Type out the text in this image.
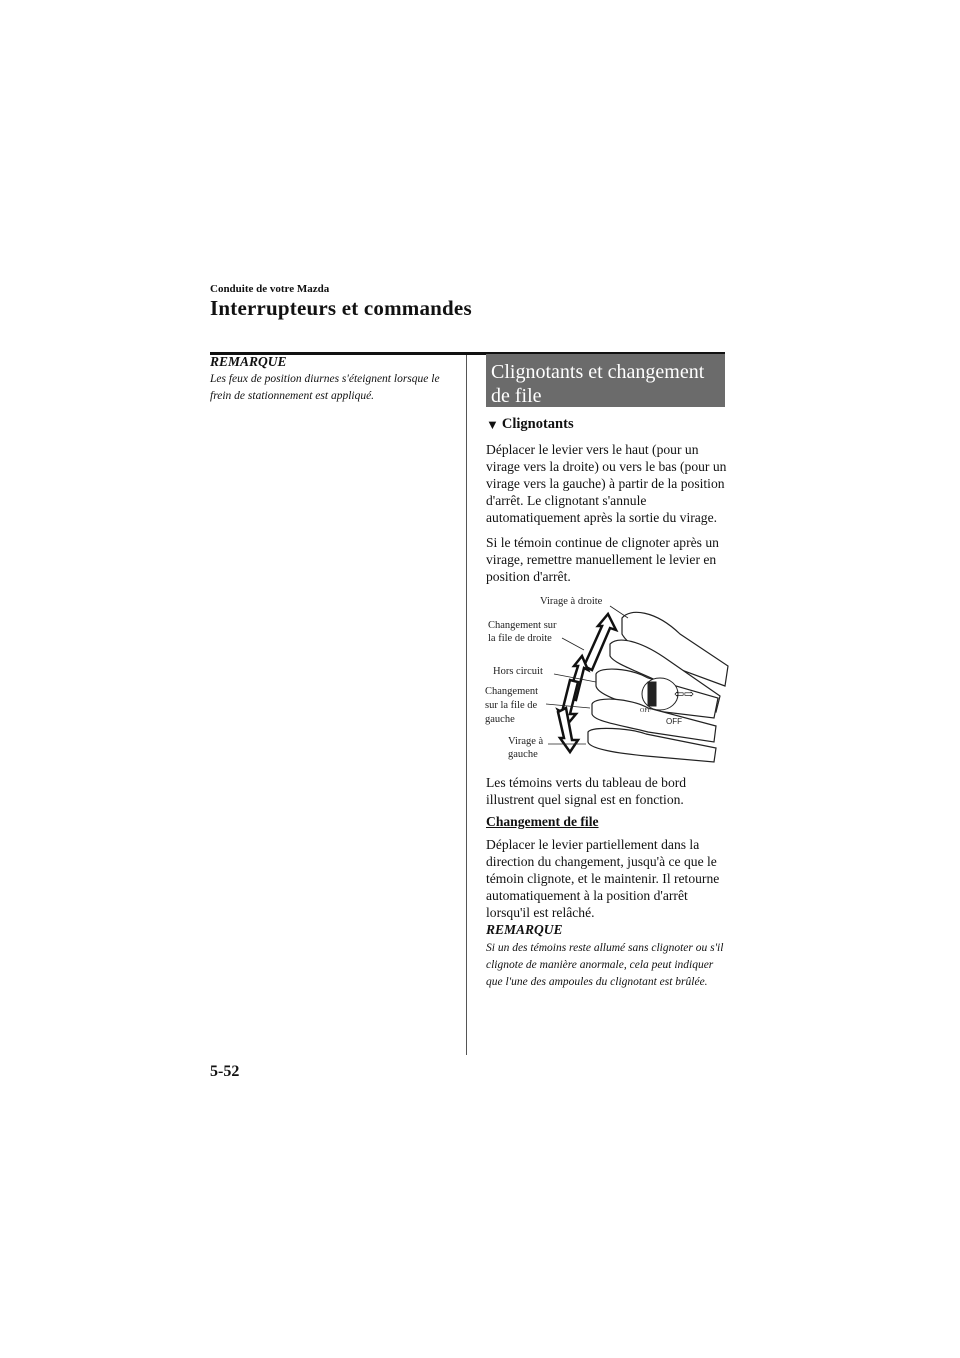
Conduite de votre Mazda
Interrupteurs et commandes
REMARQUE
Les feux de position diurnes s'éteignent lorsque le frein de stationnement est appliqué.
Clignotants et changement de file
▼ Clignotants
Déplacer le levier vers le haut (pour un virage vers la droite) ou vers le bas (pour un virage vers la gauche) à partir de la position d'arrêt. Le clignotant s'annule automatiquement après la sortie du virage.
Si le témoin continue de clignoter après un virage, remettre manuellement le levier en position d'arrêt.
OFF
OFF
⇦⇨
Virage à droite
Changement sur
la file de droite
Hors circuit
Changement
sur la file de
gauche
Virage à
gauche
Les témoins verts du tableau de bord illustrent quel signal est en fonction.
Changement de file
Déplacer le levier partiellement dans la direction du changement, jusqu'à ce que le témoin clignote, et le maintenir. Il retourne automatiquement à la position d'arrêt lorsqu'il est relâché.
REMARQUE
Si un des témoins reste allumé sans clignoter ou s'il clignote de manière anormale, cela peut indiquer que l'une des ampoules du clignotant est brûlée.
5-52
